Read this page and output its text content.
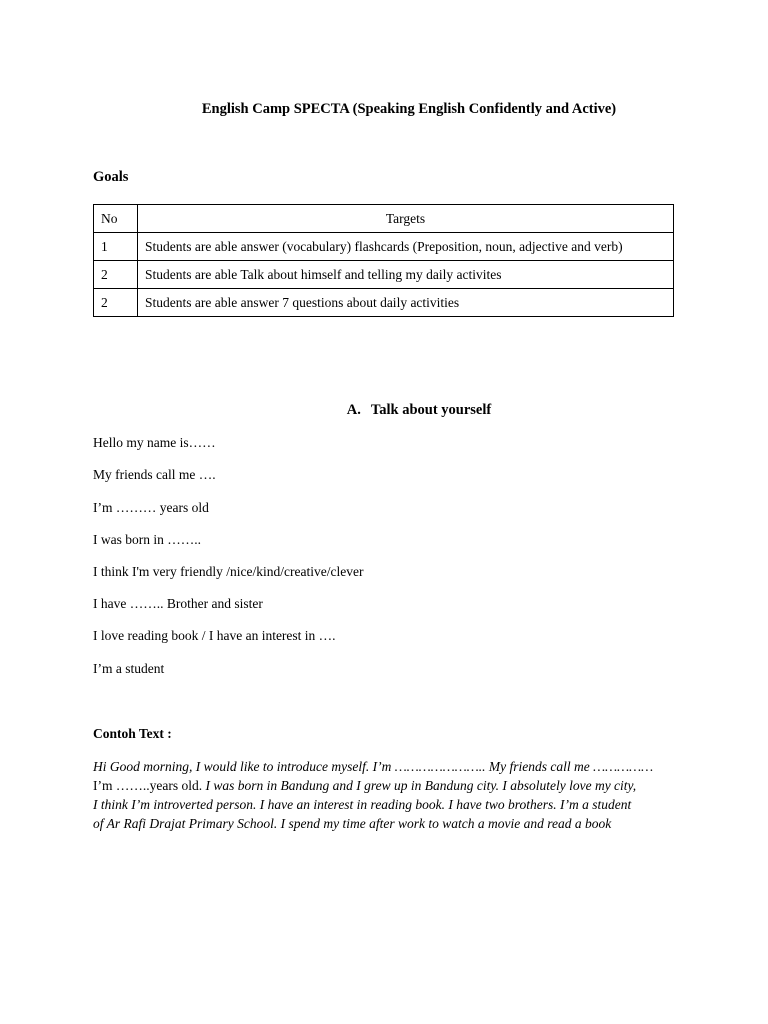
English Camp SPECTA (Speaking English Confidently and Active)
Goals
No	Targets
1	Students are able answer (vocabulary) flashcards (Preposition, noun, adjective and verb)
2	Students are able Talk about himself and telling my daily activites
2	Students are able answer 7 questions about daily activities
A. Talk about yourself
Hello my name is……
My friends call me ….
I’m ……… years old
I was born in ……..
I think I'm very friendly /nice/kind/creative/clever
I have …….. Brother and sister
I love reading book / I have an interest in ….
I’m a student
Contoh Text :
Hi Good morning, I would like to introduce myself. I’m ………………….. My friends call me ……………
I’m ……..years old. I was born in Bandung and I grew up in Bandung city. I absolutely love my city,
I think I’m introverted person. I have an interest in reading book. I have two brothers. I’m a student
of Ar Rafi Drajat Primary School. I spend my time after work to watch a movie and read a book
